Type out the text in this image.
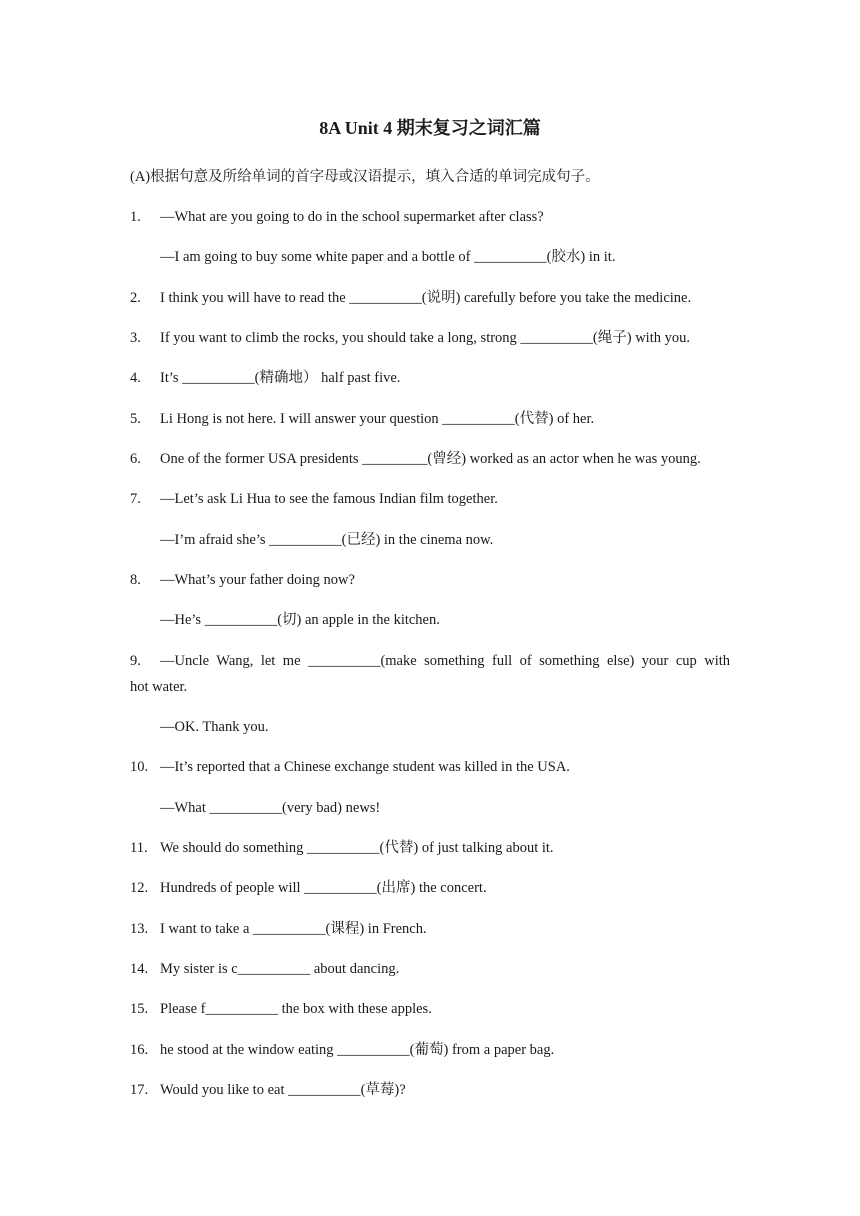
8A Unit 4 期末复习之词汇篇
(A)根据句意及所给单词的首字母或汉语提示，填入合适的单词完成句子。
1. —What are you going to do in the school supermarket after class?
—I am going to buy some white paper and a bottle of __________(胶水) in it.
2. I think you will have to read the __________(说明) carefully before you take the medicine.
3. If you want to climb the rocks, you should take a long, strong __________(绳子) with you.
4. It’s __________(精确地） half past five.
5. Li Hong is not here. I will answer your question __________(代替) of her.
6. One of the former USA presidents _________(曾经) worked as an actor when he was young.
7. —Let’s ask Li Hua to see the famous Indian film together.
—I’m afraid she’s __________(已经) in the cinema now.
8. —What’s your father doing now?
—He’s __________(切) an apple in the kitchen.
9. —Uncle Wang, let me __________(make something full of something else) your cup with
hot water.
—OK. Thank you.
10. —It’s reported that a Chinese exchange student was killed in the USA.
—What __________(very bad) news!
11. We should do something __________(代替) of just talking about it.
12. Hundreds of people will __________(出席) the concert.
13. I want to take a __________(课程) in French.
14. My sister is c__________ about dancing.
15. Please f__________ the box with these apples.
16. he stood at the window eating __________(葡萄) from a paper bag.
17. Would you like to eat __________(草莓)?
